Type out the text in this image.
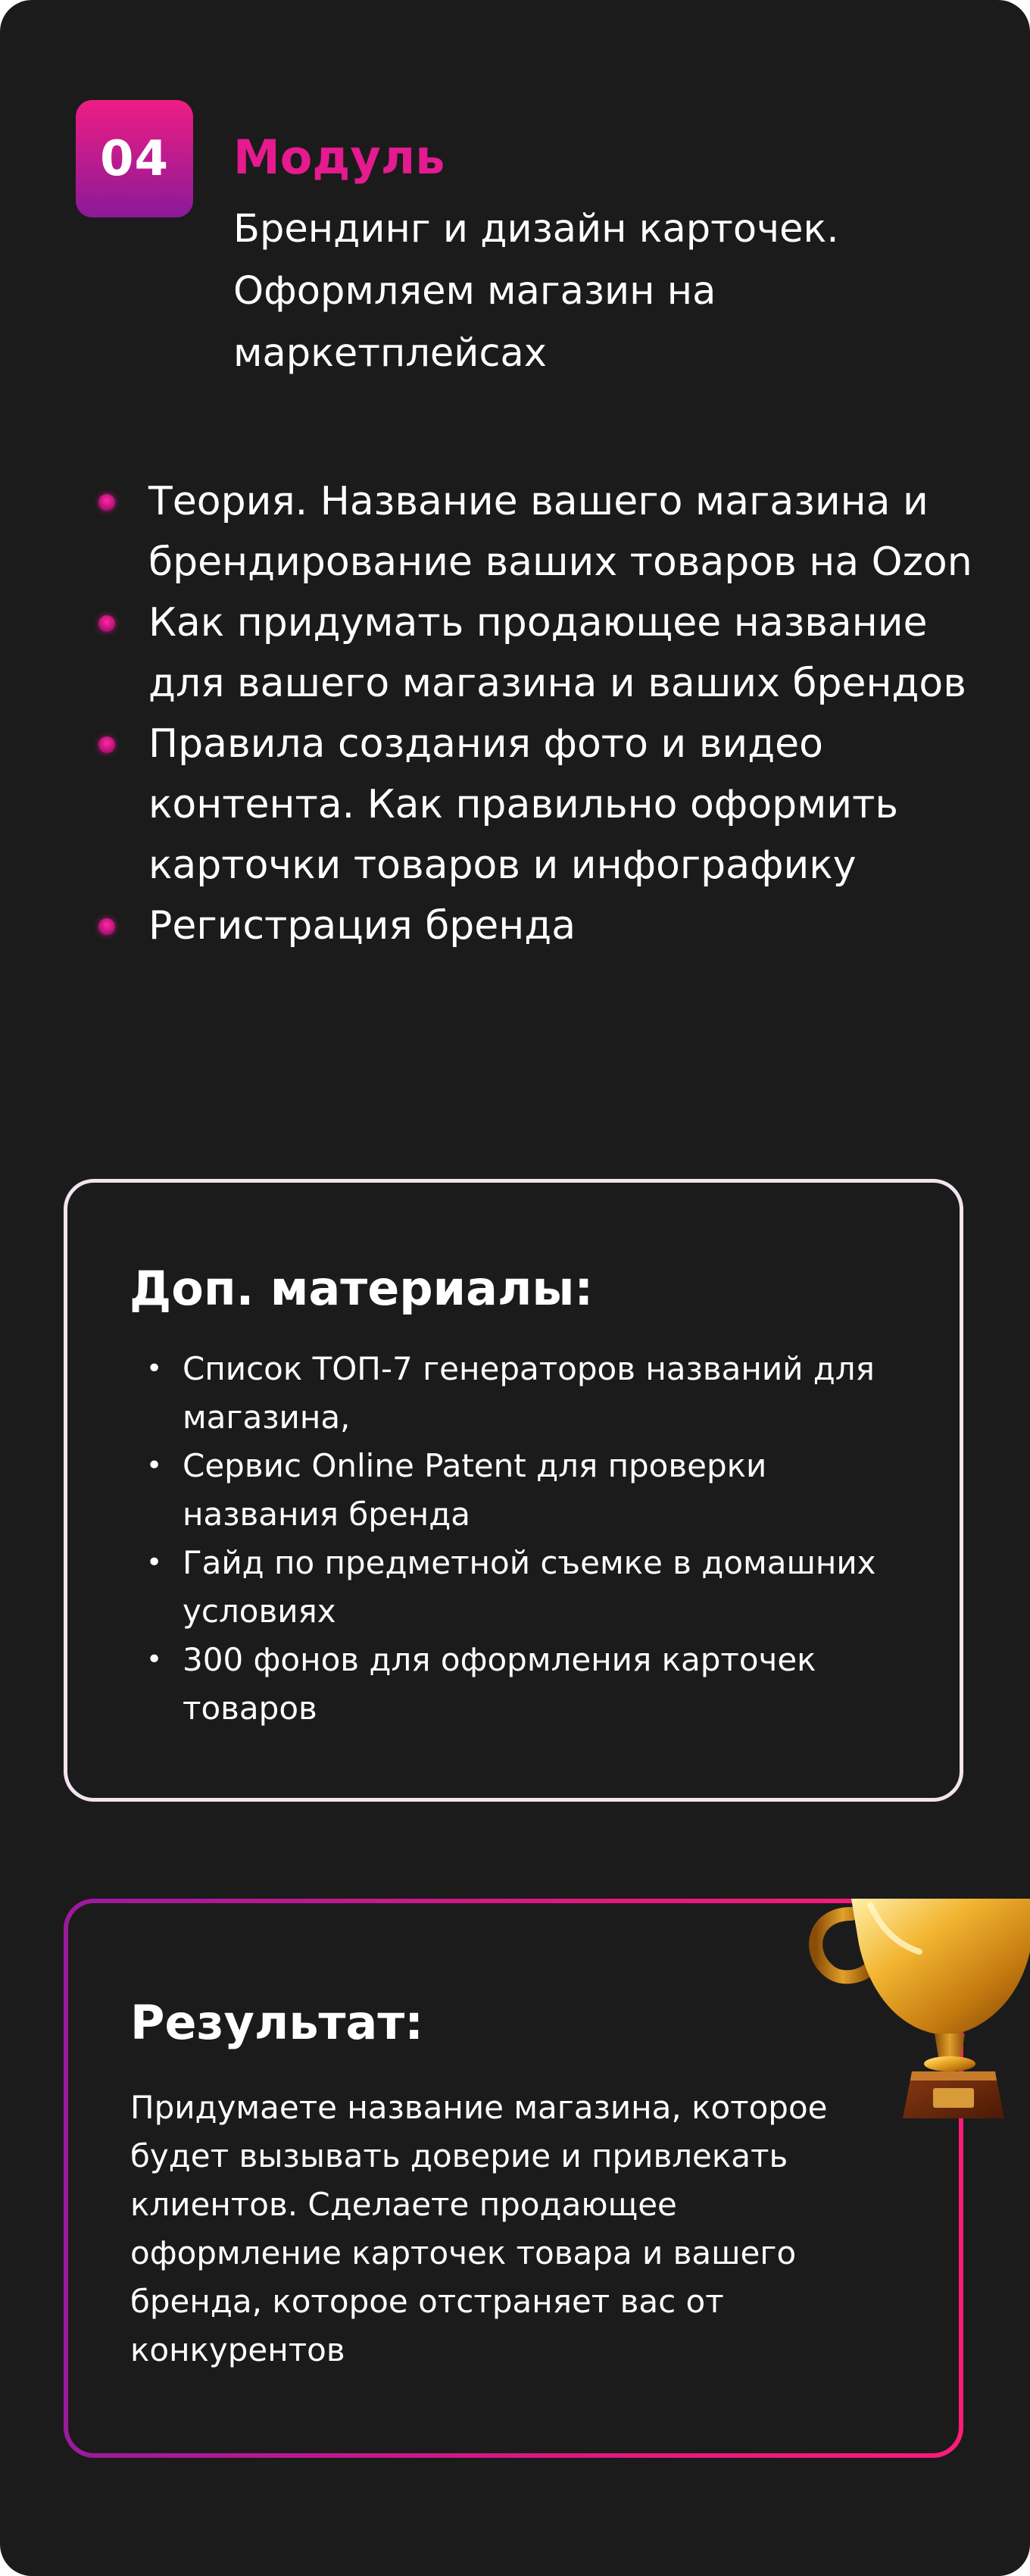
04 Модуль
Брендинг и дизайн карточек. Оформляем магазин на маркетплейсах
Теория. Название вашего магазина и брендирование ваших товаров на Ozon
Как придумать продающее название для вашего магазина и ваших брендов
Правила создания фото и видео контента. Как правильно оформить карточки товаров и инфографику
Регистрация бренда
Доп. материалы:
• Список ТОП-7 генераторов названий для магазина,
• Сервис Online Patent для проверки названия бренда
• Гайд по предметной съемке в домашних условиях
• 300 фонов для оформления карточек товаров
Результат:
Придумаете название магазина, которое будет вызывать доверие и привлекать клиентов. Сделаете продающее оформление карточек товара и вашего бренда, которое отстраняет вас от конкурентов
